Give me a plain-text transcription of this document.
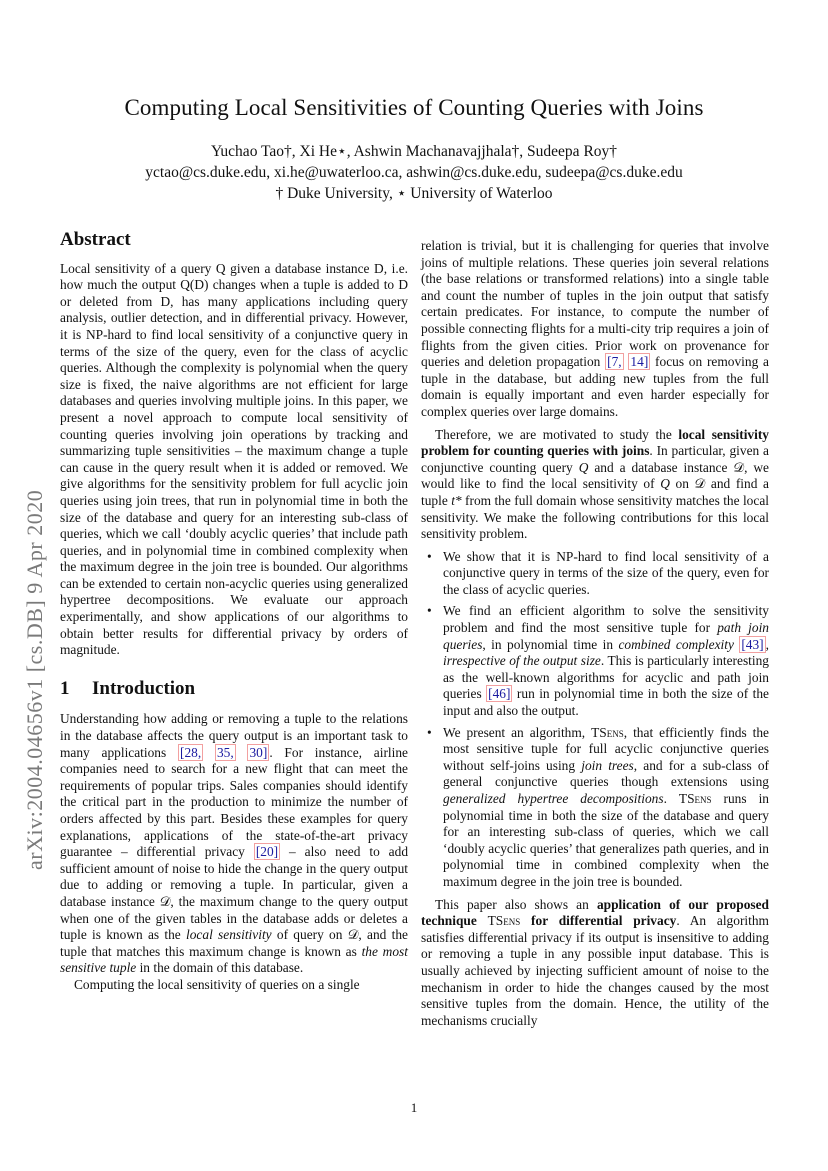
Computing Local Sensitivities of Counting Queries with Joins
Yuchao Tao†, Xi He⋆, Ashwin Machanavajjhala†, Sudeepa Roy†
yctao@cs.duke.edu, xi.he@uwaterloo.ca, ashwin@cs.duke.edu, sudeepa@cs.duke.edu
† Duke University, ⋆ University of Waterloo
arXiv:2004.04656v1 [cs.DB] 9 Apr 2020
Abstract

Local sensitivity of a query Q given a database instance D, i.e. how much the output Q(D) changes when a tuple is added to D or deleted from D, has many applications including query analysis, outlier detection, and in differential privacy. However, it is NP-hard to find local sensitivity of a conjunctive query in terms of the size of the query, even for the class of acyclic queries. Although the complexity is polynomial when the query size is fixed, the naive algorithms are not efficient for large databases and queries involving multiple joins. In this paper, we present a novel approach to compute local sensitivity of counting queries involving join operations by tracking and summarizing tuple sensitivities – the maximum change a tuple can cause in the query result when it is added or removed. We give algorithms for the sensitivity problem for full acyclic join queries using join trees, that run in polynomial time in both the size of the database and query for an interesting sub-class of queries, which we call ‘doubly acyclic queries’ that include path queries, and in polynomial time in combined complexity when the maximum degree in the join tree is bounded. Our algorithms can be extended to certain non-acyclic queries using generalized hypertree decompositions. We evaluate our approach experimentally, and show applications of our algorithms to obtain better results for differential privacy by orders of magnitude.

1 Introduction

Understanding how adding or removing a tuple to the relations in the database affects the query output is an important task to many applications [28, 35, 30] . For instance, airline companies need to search for a new flight that can meet the requirements of popular trips. Sales companies should identify the critical part in the production to minimize the number of orders affected by this part. Besides these examples for query explanations, applications of the state-of-the-art privacy guarantee – differential privacy [20] – also need to add sufficient amount of noise to hide the change in the query output due to adding or removing a tuple. In particular, given a database instance 𝒟, the maximum change to the query output when one of the given tables in the database adds or deletes a tuple is known as the local sensitivity of query on 𝒟, and the tuple that matches this maximum change is known as the most sensitive tuple in the domain of this database.

Computing the local sensitivity of queries on a single

relation is trivial, but it is challenging for queries that involve joins of multiple relations. These queries join several relations (the base relations or transformed relations) into a single table and count the number of tuples in the join output that satisfy certain predicates. For instance, to compute the number of possible connecting flights for a multi-city trip requires a join of flights from the given cities. Prior work on provenance for queries and deletion propagation [7, 14] focus on removing a tuple in the database, but adding new tuples from the full domain is equally important and even harder especially for complex queries over large domains.

Therefore, we are motivated to study the local sensitivity problem for counting queries with joins. In particular, given a conjunctive counting query Q and a database instance 𝒟, we would like to find the local sensitivity of Q on 𝒟 and find a tuple t* from the full domain whose sensitivity matches the local sensitivity. We make the following contributions for this local sensitivity problem.

• We show that it is NP-hard to find local sensitivity of a conjunctive query in terms of the size of the query, even for the class of acyclic queries.
• We find an efficient algorithm to solve the sensitivity problem and find the most sensitive tuple for path join queries, in polynomial time in combined complexity [43] , irrespective of the output size. This is particularly interesting as the well-known algorithms for acyclic and path join queries [46] run in polynomial time in both the size of the input and also the output.
• We present an algorithm, TSens, that efficiently finds the most sensitive tuple for full acyclic conjunctive queries without self-joins using join trees, and for a sub-class of general conjunctive queries though extensions using generalized hypertree decompositions. TSens runs in polynomial time in both the size of the database and query for an interesting sub-class of queries, which we call ‘doubly acyclic queries’ that generalizes path queries, and in polynomial time in combined complexity when the maximum degree in the join tree is bounded.

This paper also shows an application of our proposed technique TSens for differential privacy. An algorithm satisfies differential privacy if its output is insensitive to adding or removing a tuple in any possible input database. This is usually achieved by injecting sufficient amount of noise to the mechanism in order to hide the changes caused by the most sensitive tuples from the domain. Hence, the utility of the mechanisms crucially

1
